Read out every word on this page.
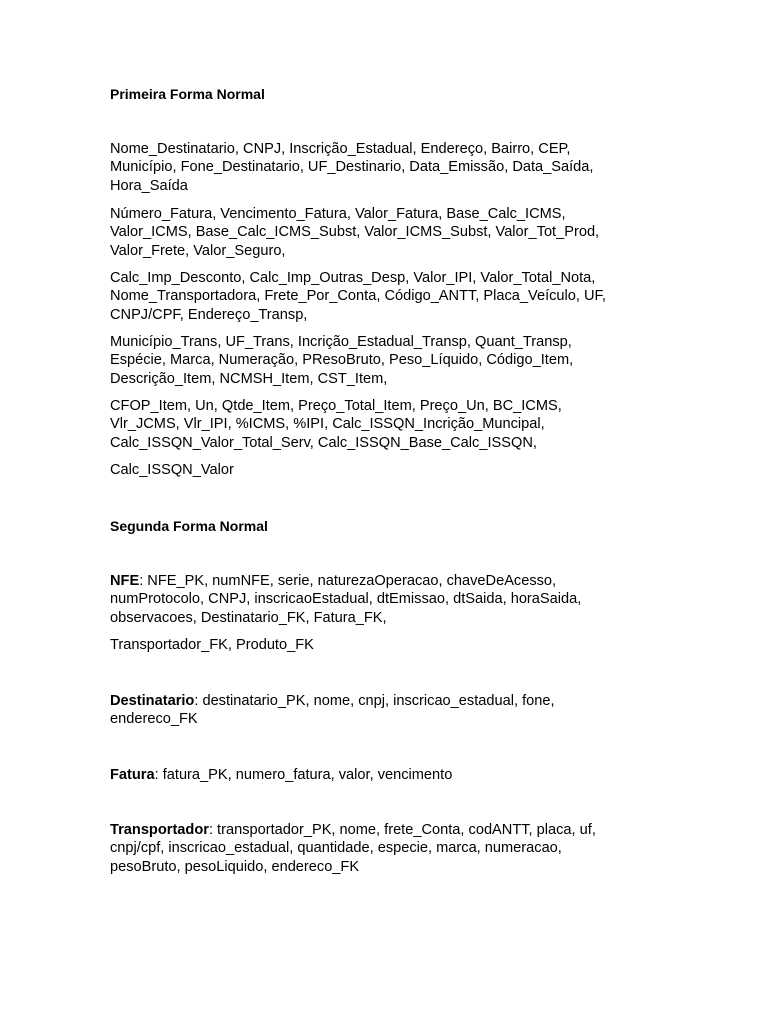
Primeira Forma Normal

Nome_Destinatario, CNPJ, Inscrição_Estadual, Endereço, Bairro, CEP,
Município, Fone_Destinatario, UF_Destinario, Data_Emissão, Data_Saída,
Hora_Saída

Número_Fatura, Vencimento_Fatura, Valor_Fatura, Base_Calc_ICMS,
Valor_ICMS, Base_Calc_ICMS_Subst, Valor_ICMS_Subst, Valor_Tot_Prod,
Valor_Frete, Valor_Seguro,

Calc_Imp_Desconto, Calc_Imp_Outras_Desp, Valor_IPI, Valor_Total_Nota,
Nome_Transportadora, Frete_Por_Conta, Código_ANTT, Placa_Veículo, UF,
CNPJ/CPF, Endereço_Transp,

Município_Trans, UF_Trans, Incrição_Estadual_Transp, Quant_Transp,
Espécie, Marca, Numeração, PResoBruto, Peso_Líquido, Código_Item,
Descrição_Item, NCMSH_Item, CST_Item,

CFOP_Item, Un, Qtde_Item, Preço_Total_Item, Preço_Un, BC_ICMS,
Vlr_JCMS, Vlr_IPI, %ICMS, %IPI, Calc_ISSQN_Incrição_Muncipal,
Calc_ISSQN_Valor_Total_Serv, Calc_ISSQN_Base_Calc_ISSQN,

Calc_ISSQN_Valor

Segunda Forma Normal

NFE: NFE_PK, numNFE, serie, naturezaOperacao, chaveDeAcesso,
numProtocolo, CNPJ, inscricaoEstadual, dtEmissao, dtSaida, horaSaida,
observacoes, Destinatario_FK, Fatura_FK,

Transportador_FK, Produto_FK

Destinatario: destinatario_PK, nome, cnpj, inscricao_estadual, fone,
endereco_FK

Fatura: fatura_PK, numero_fatura, valor, vencimento

Transportador: transportador_PK, nome, frete_Conta, codANTT, placa, uf,
cnpj/cpf, inscricao_estadual, quantidade, especie, marca, numeracao,
pesoBruto, pesoLiquido, endereco_FK
